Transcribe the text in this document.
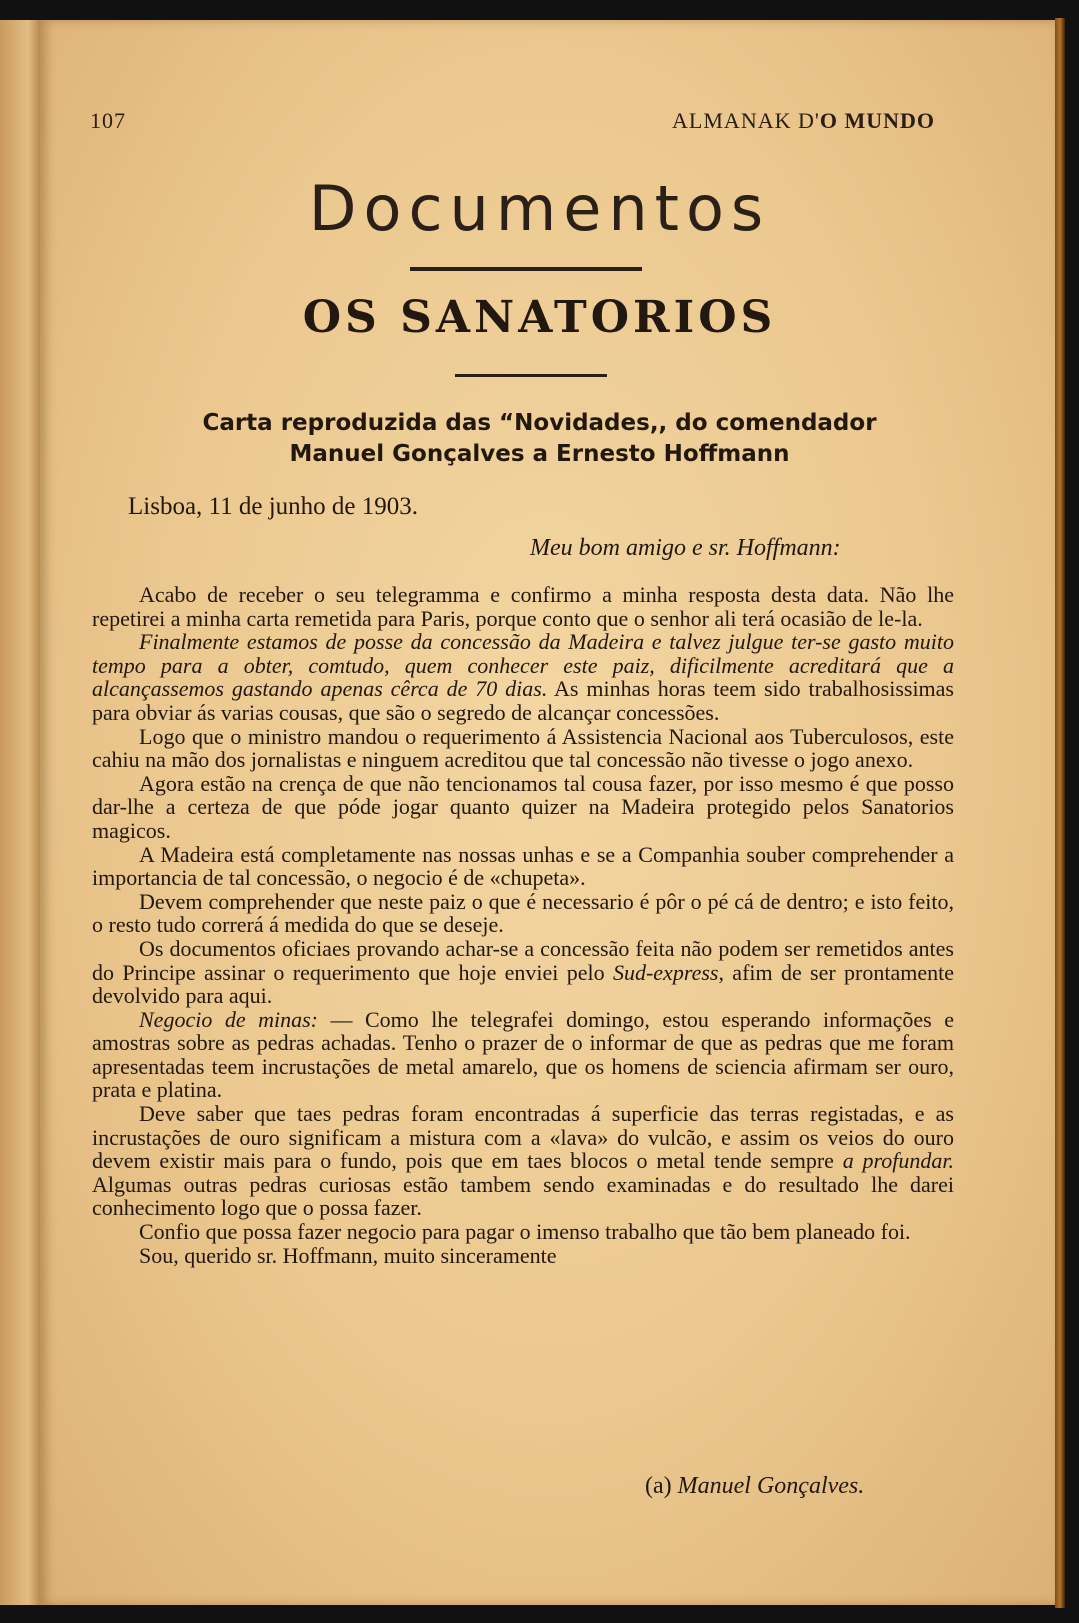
107	ALMANAK D'O MUNDO
Documentos
OS SANATORIOS
Carta reproduzida das “Novidades,, do comendador
Manuel Gonçalves a Ernesto Hoffmann
Lisboa, 11 de junho de 1903.
Meu bom amigo e sr. Hoffmann:

Acabo de receber o seu telegramma e confirmo a minha resposta desta data. Não lhe repetirei a minha carta remetida para Paris, porque conto que o senhor ali terá ocasião de le-la.

Finalmente estamos de posse da concessão da Madeira e talvez julgue ter-se gasto muito tempo para a obter, comtudo, quem conhecer este paiz, dificilmente acreditará que a alcançassemos gastando apenas cêrca de 70 dias. As minhas horas teem sido trabalhosissimas para obviar ás varias cousas, que são o segredo de alcançar concessões.

Logo que o ministro mandou o requerimento á Assistencia Nacional aos Tuberculosos, este cahiu na mão dos jornalistas e ninguem acreditou que tal concessão não tivesse o jogo anexo.

Agora estão na crença de que não tencionamos tal cousa fazer, por isso mesmo é que posso dar-lhe a certeza de que póde jogar quanto quizer na Madeira protegido pelos Sanatorios magicos.

A Madeira está completamente nas nossas unhas e se a Companhia souber comprehender a importancia de tal concessão, o negocio é de «chupeta».

Devem comprehender que neste paiz o que é necessario é pôr o pé cá de dentro; e isto feito, o resto tudo correrá á medida do que se deseje.

Os documentos oficiaes provando achar-se a concessão feita não podem ser remetidos antes do Principe assinar o requerimento que hoje enviei pelo Sud-express, afim de ser prontamente devolvido para aqui.

Negocio de minas: — Como lhe telegrafei domingo, estou esperando informações e amostras sobre as pedras achadas. Tenho o prazer de o informar de que as pedras que me foram apresentadas teem incrustações de metal amarelo, que os homens de sciencia afirmam ser ouro, prata e platina.

Deve saber que taes pedras foram encontradas á superficie das terras registadas, e as incrustações de ouro significam a mistura com a «lava» do vulcão, e assim os veios do ouro devem existir mais para o fundo, pois que em taes blocos o metal tende sempre a profundar. Algumas outras pedras curiosas estão tambem sendo examinadas e do resultado lhe darei conhecimento logo que o possa fazer.

Confio que possa fazer negocio para pagar o imenso trabalho que tão bem planeado foi.

Sou, querido sr. Hoffmann, muito sinceramente

(a) Manuel Gonçalves.
